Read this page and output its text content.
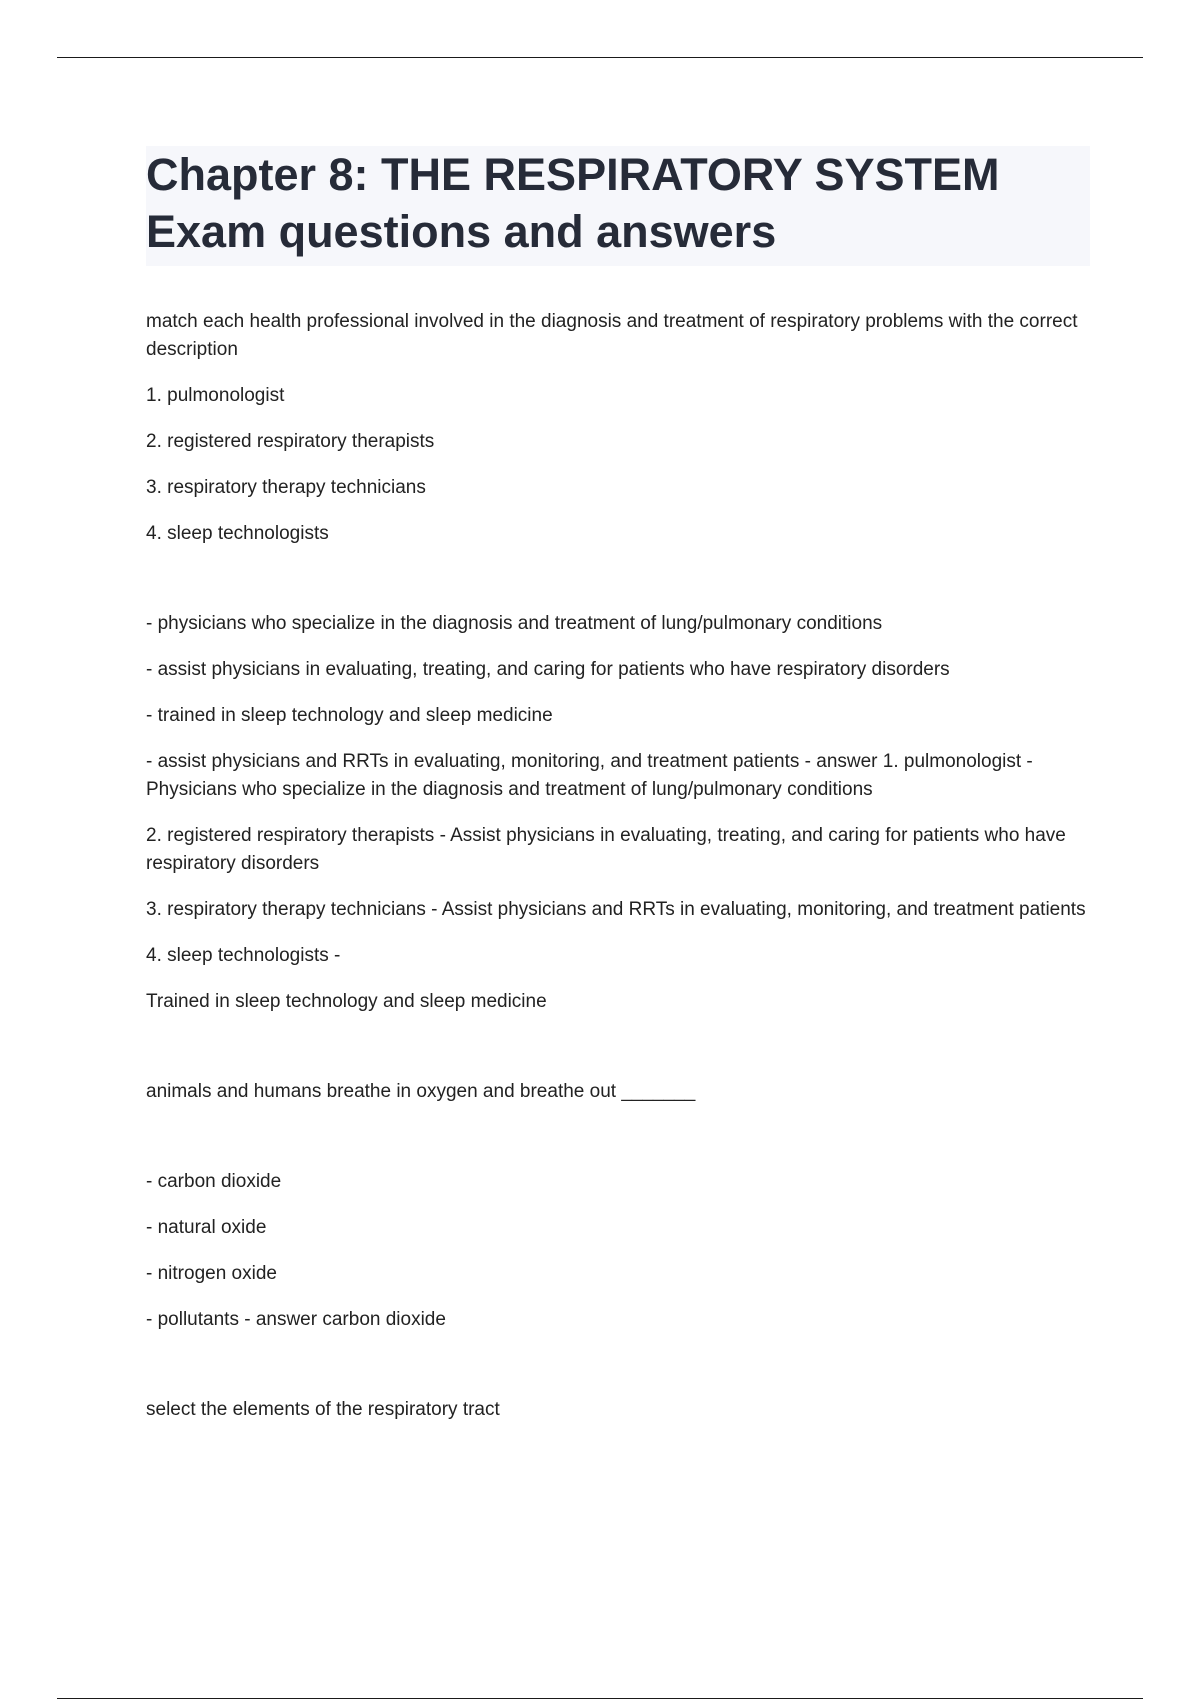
Chapter 8: THE RESPIRATORY SYSTEM
Exam questions and answers

match each health professional involved in the diagnosis and treatment of respiratory problems with the correct description

1. pulmonologist

2. registered respiratory therapists

3. respiratory therapy technicians

4. sleep technologists

- physicians who specialize in the diagnosis and treatment of lung/pulmonary conditions

- assist physicians in evaluating, treating, and caring for patients who have respiratory disorders

- trained in sleep technology and sleep medicine

- assist physicians and RRTs in evaluating, monitoring, and treatment patients - answer 1. pulmonologist - Physicians who specialize in the diagnosis and treatment of lung/pulmonary conditions

2. registered respiratory therapists - Assist physicians in evaluating, treating, and caring for patients who have respiratory disorders

3. respiratory therapy technicians - Assist physicians and RRTs in evaluating, monitoring, and treatment patients

4. sleep technologists -

Trained in sleep technology and sleep medicine

animals and humans breathe in oxygen and breathe out _______

- carbon dioxide

- natural oxide

- nitrogen oxide

- pollutants - answer carbon dioxide

select the elements of the respiratory tract
